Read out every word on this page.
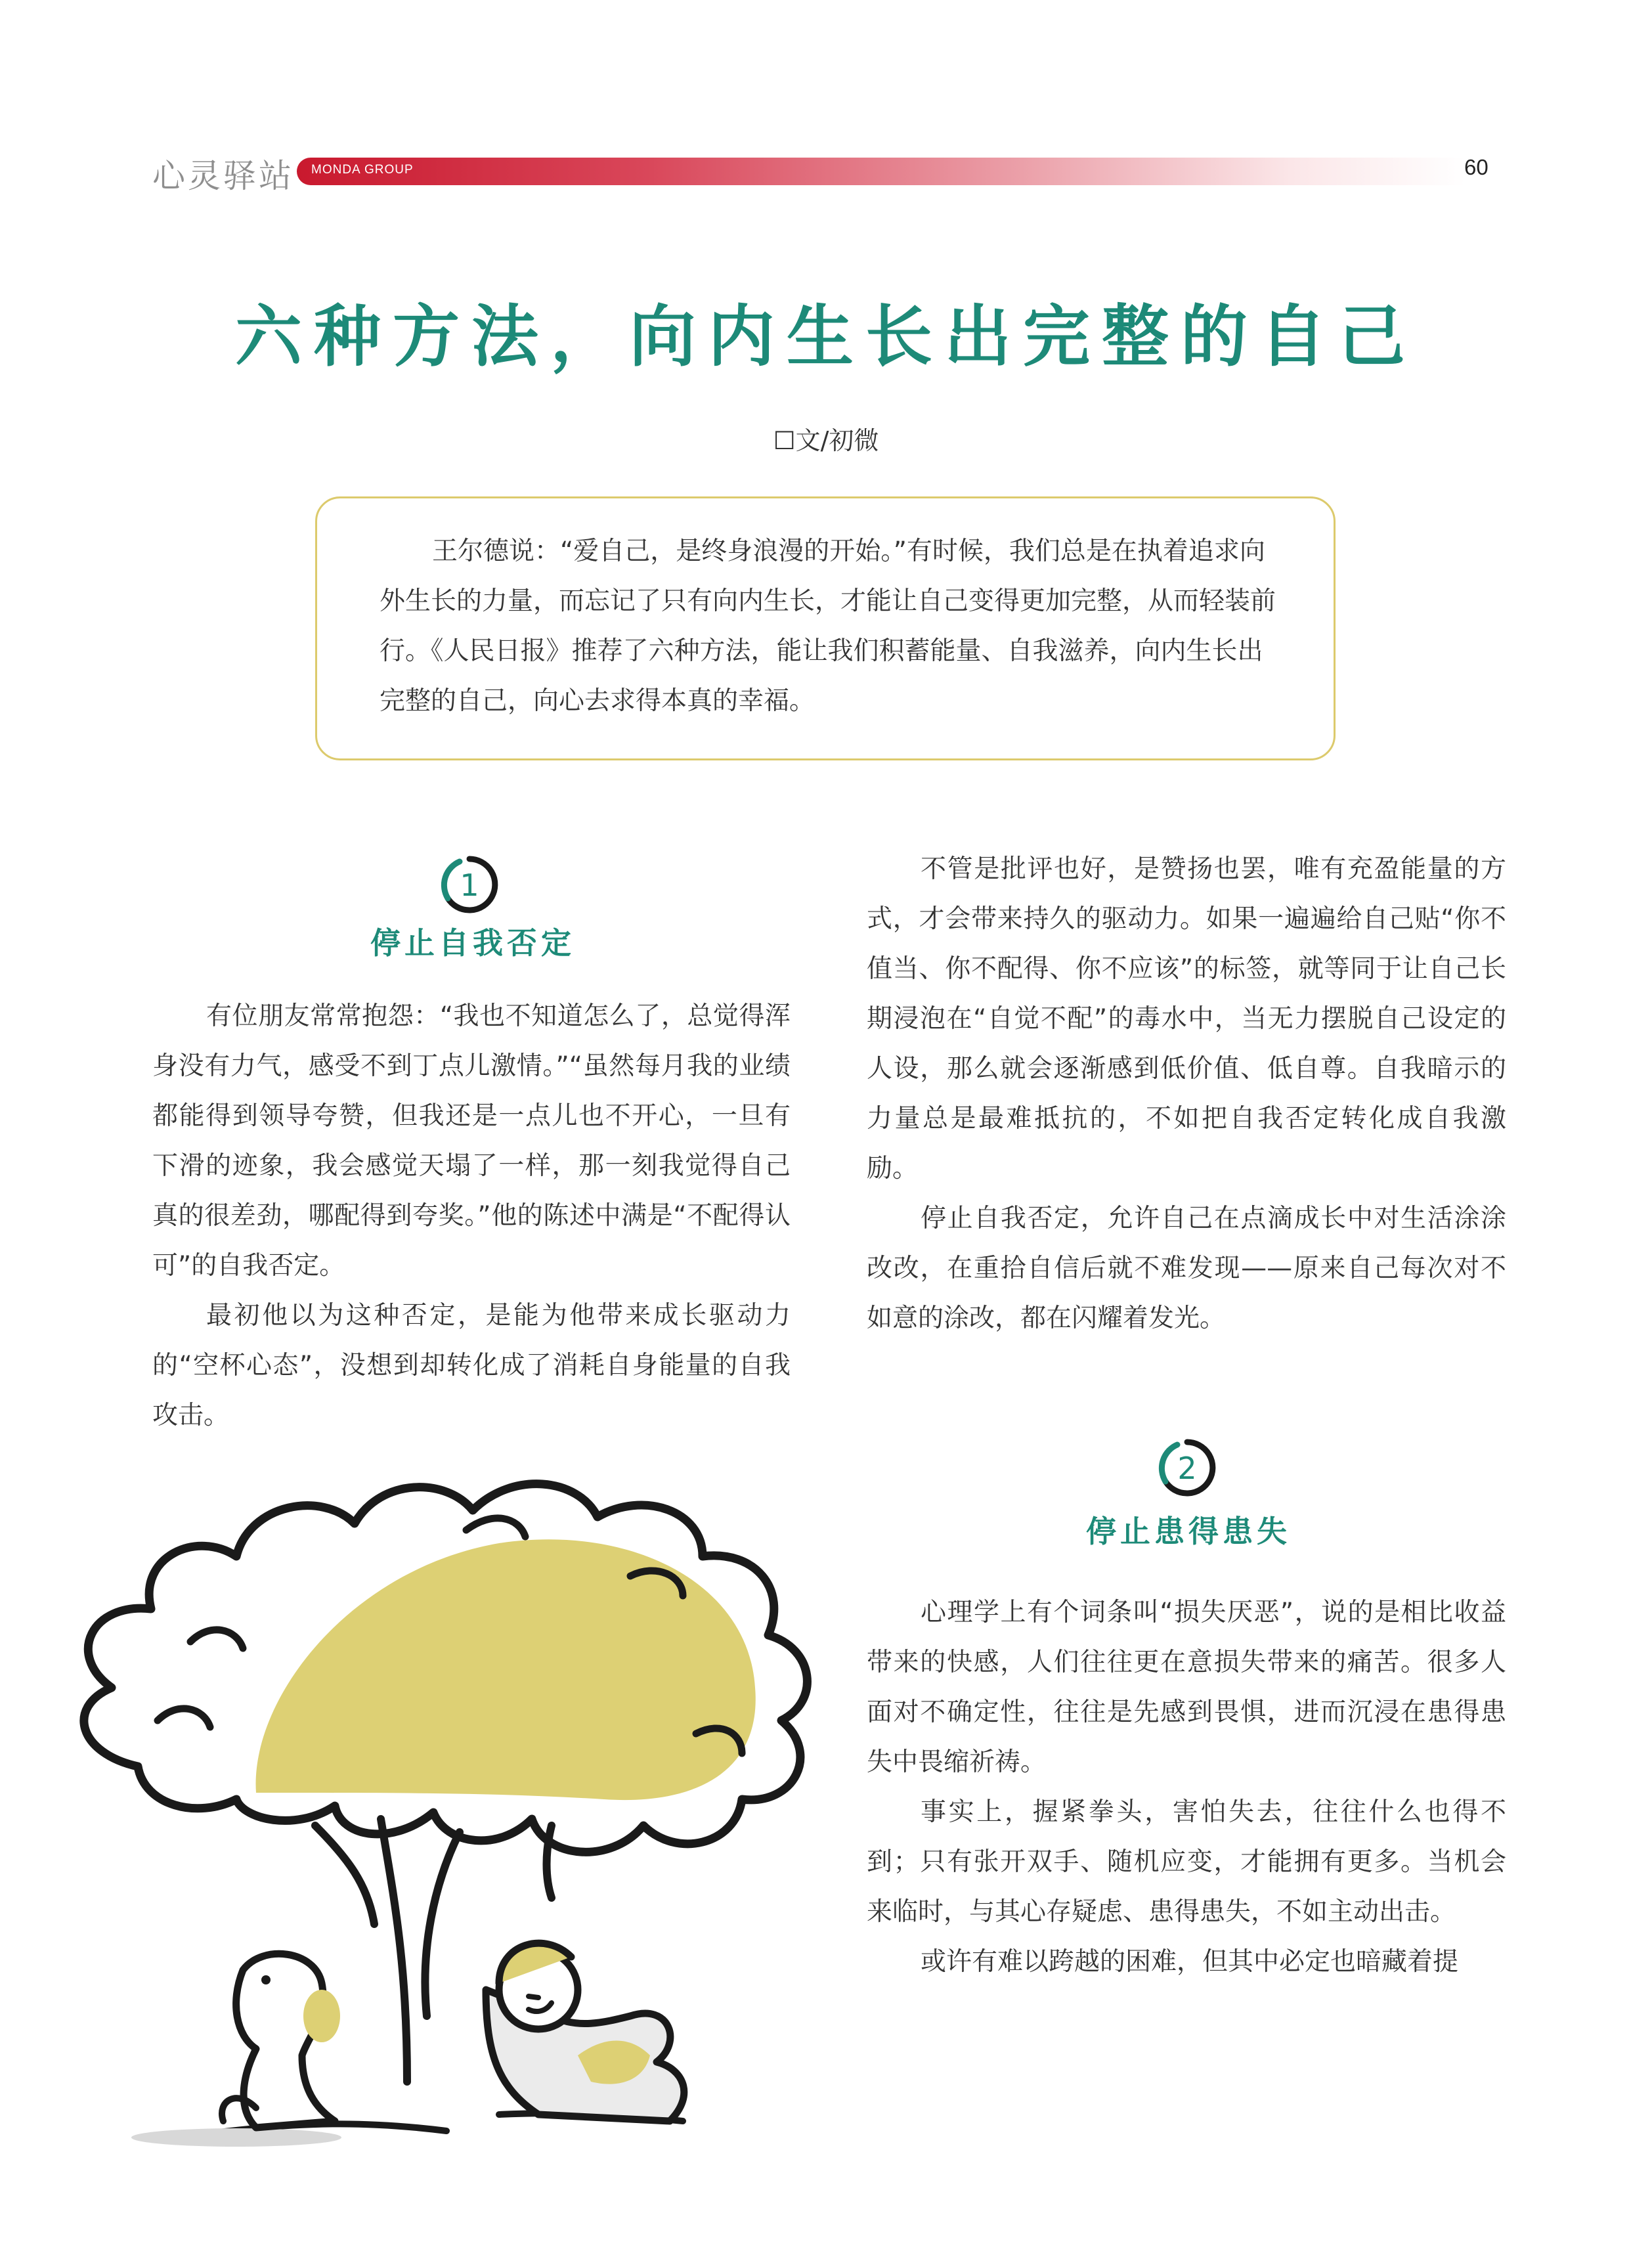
心灵驿站 MONDA GROUP	60
六种方法，向内生长出完整的自己
☐文/初微

王尔德说：“爱自己，是终身浪漫的开始。”有时候，我们总是在执着追求向外生长的力量，而忘记了只有向内生长，才能让自己变得更加完整，从而轻装前行。《人民日报》推荐了六种方法，能让我们积蓄能量、自我滋养，向内生长出完整的自己，向心去求得本真的幸福。

1
停止自我否定

有位朋友常常抱怨：“我也不知道怎么了，总觉得浑身没有力气，感受不到丁点儿激情。”“虽然每月我的业绩都能得到领导夸赞，但我还是一点儿也不开心，一旦有下滑的迹象，我会感觉天塌了一样，那一刻我觉得自己真的很差劲，哪配得到夸奖。”他的陈述中满是“不配得认可”的自我否定。

最初他以为这种否定，是能为他带来成长驱动力的“空杯心态”，没想到却转化成了消耗自身能量的自我攻击。

不管是批评也好，是赞扬也罢，唯有充盈能量的方式，才会带来持久的驱动力。如果一遍遍给自己贴“你不值当、你不配得、你不应该”的标签，就等同于让自己长期浸泡在“自觉不配”的毒水中，当无力摆脱自己设定的人设，那么就会逐渐感到低价值、低自尊。自我暗示的力量总是最难抵抗的，不如把自我否定转化成自我激励。

停止自我否定，允许自己在点滴成长中对生活涂涂改改，在重拾自信后就不难发现——原来自己每次对不如意的涂改，都在闪耀着发光。

2
停止患得患失

心理学上有个词条叫“损失厌恶”，说的是相比收益带来的快感，人们往往更在意损失带来的痛苦。很多人面对不确定性，往往是先感到畏惧，进而沉浸在患得患失中畏缩祈祷。

事实上，握紧拳头，害怕失去，往往什么也得不到；只有张开双手、随机应变，才能拥有更多。当机会来临时，与其心存疑虑、患得患失，不如主动出击。

或许有难以跨越的困难，但其中必定也暗藏着提
